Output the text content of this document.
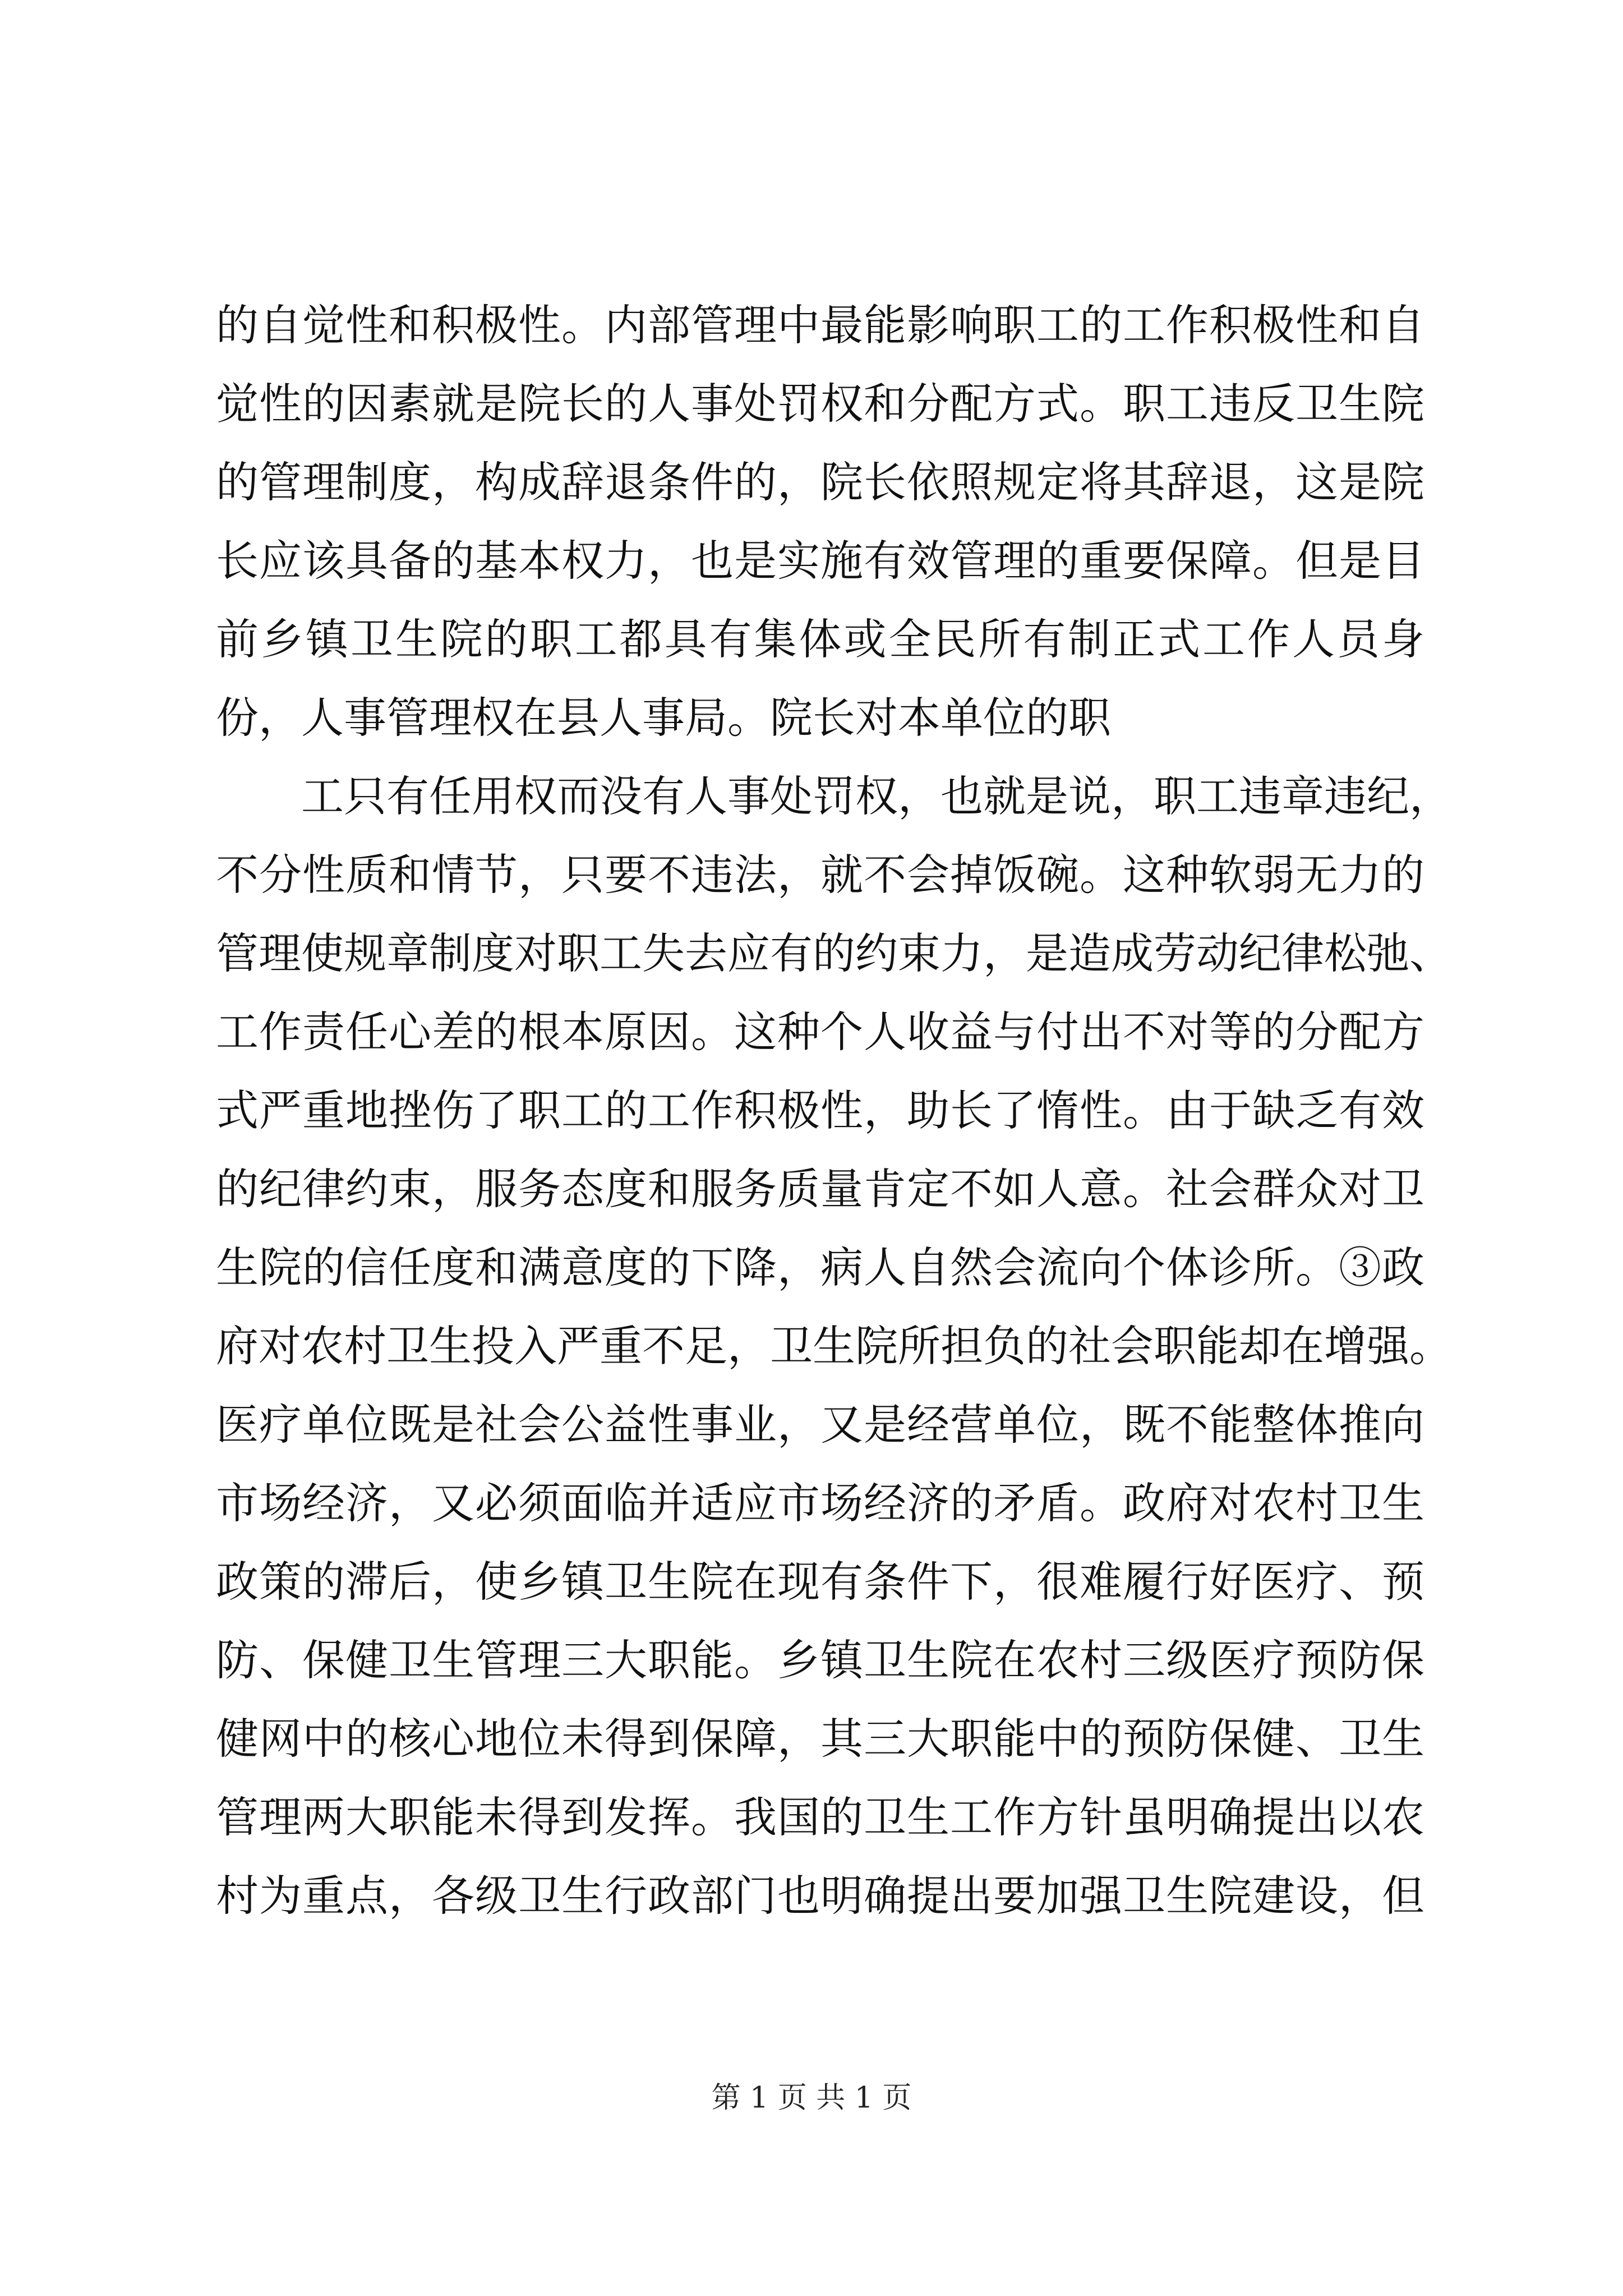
的自觉性和积极性。内部管理中最能影响职工的工作积极性和自
觉性的因素就是院长的人事处罚权和分配方式。职工违反卫生院
的管理制度，构成辞退条件的，院长依照规定将其辞退，这是院
长应该具备的基本权力，也是实施有效管理的重要保障。但是目
前乡镇卫生院的职工都具有集体或全民所有制正式工作人员身
份，人事管理权在县人事局。院长对本单位的职
工只有任用权而没有人事处罚权，也就是说，职工违章违纪，
不分性质和情节，只要不违法，就不会掉饭碗。这种软弱无力的
管理使规章制度对职工失去应有的约束力，是造成劳动纪律松弛、
工作责任心差的根本原因。这种个人收益与付出不对等的分配方
式严重地挫伤了职工的工作积极性，助长了惰性。由于缺乏有效
的纪律约束，服务态度和服务质量肯定不如人意。社会群众对卫
生院的信任度和满意度的下降，病人自然会流向个体诊所。③政
府对农村卫生投入严重不足，卫生院所担负的社会职能却在增强。
医疗单位既是社会公益性事业，又是经营单位，既不能整体推向
市场经济，又必须面临并适应市场经济的矛盾。政府对农村卫生
政策的滞后，使乡镇卫生院在现有条件下，很难履行好医疗、预
防、保健卫生管理三大职能。乡镇卫生院在农村三级医疗预防保
健网中的核心地位未得到保障，其三大职能中的预防保健、卫生
管理两大职能未得到发挥。我国的卫生工作方针虽明确提出以农
村为重点，各级卫生行政部门也明确提出要加强卫生院建设，但
第 1 页 共 1 页
